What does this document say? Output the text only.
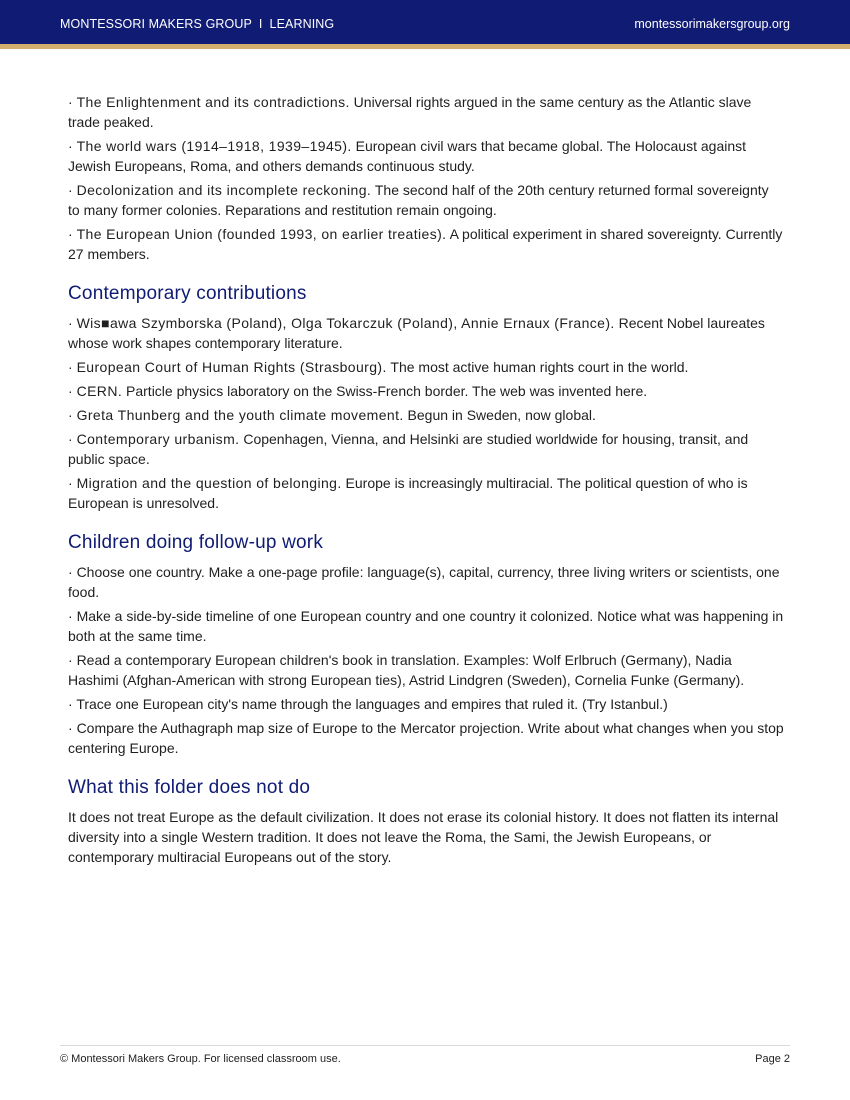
MONTESSORI MAKERS GROUP  I  LEARNING	montessorimakersgroup.org

· The Enlightenment and its contradictions. Universal rights argued in the same century as the Atlantic slave trade peaked.

· The world wars (1914–1918, 1939–1945). European civil wars that became global. The Holocaust against Jewish Europeans, Roma, and others demands continuous study.

· Decolonization and its incomplete reckoning. The second half of the 20th century returned formal sovereignty to many former colonies. Reparations and restitution remain ongoing.

· The European Union (founded 1993, on earlier treaties). A political experiment in shared sovereignty. Currently 27 members.

Contemporary contributions

· Wis■awa Szymborska (Poland), Olga Tokarczuk (Poland), Annie Ernaux (France). Recent Nobel laureates whose work shapes contemporary literature.

· European Court of Human Rights (Strasbourg). The most active human rights court in the world.

· CERN. Particle physics laboratory on the Swiss-French border. The web was invented here.

· Greta Thunberg and the youth climate movement. Begun in Sweden, now global.

· Contemporary urbanism. Copenhagen, Vienna, and Helsinki are studied worldwide for housing, transit, and public space.

· Migration and the question of belonging. Europe is increasingly multiracial. The political question of who is European is unresolved.

Children doing follow-up work

· Choose one country. Make a one-page profile: language(s), capital, currency, three living writers or scientists, one food.

· Make a side-by-side timeline of one European country and one country it colonized. Notice what was happening in both at the same time.

· Read a contemporary European children's book in translation. Examples: Wolf Erlbruch (Germany), Nadia Hashimi (Afghan-American with strong European ties), Astrid Lindgren (Sweden), Cornelia Funke (Germany).

· Trace one European city's name through the languages and empires that ruled it. (Try Istanbul.)

· Compare the Authagraph map size of Europe to the Mercator projection. Write about what changes when you stop centering Europe.

What this folder does not do

It does not treat Europe as the default civilization. It does not erase its colonial history. It does not flatten its internal diversity into a single Western tradition. It does not leave the Roma, the Sami, the Jewish Europeans, or contemporary multiracial Europeans out of the story.

© Montessori Makers Group. For licensed classroom use.	Page 2
